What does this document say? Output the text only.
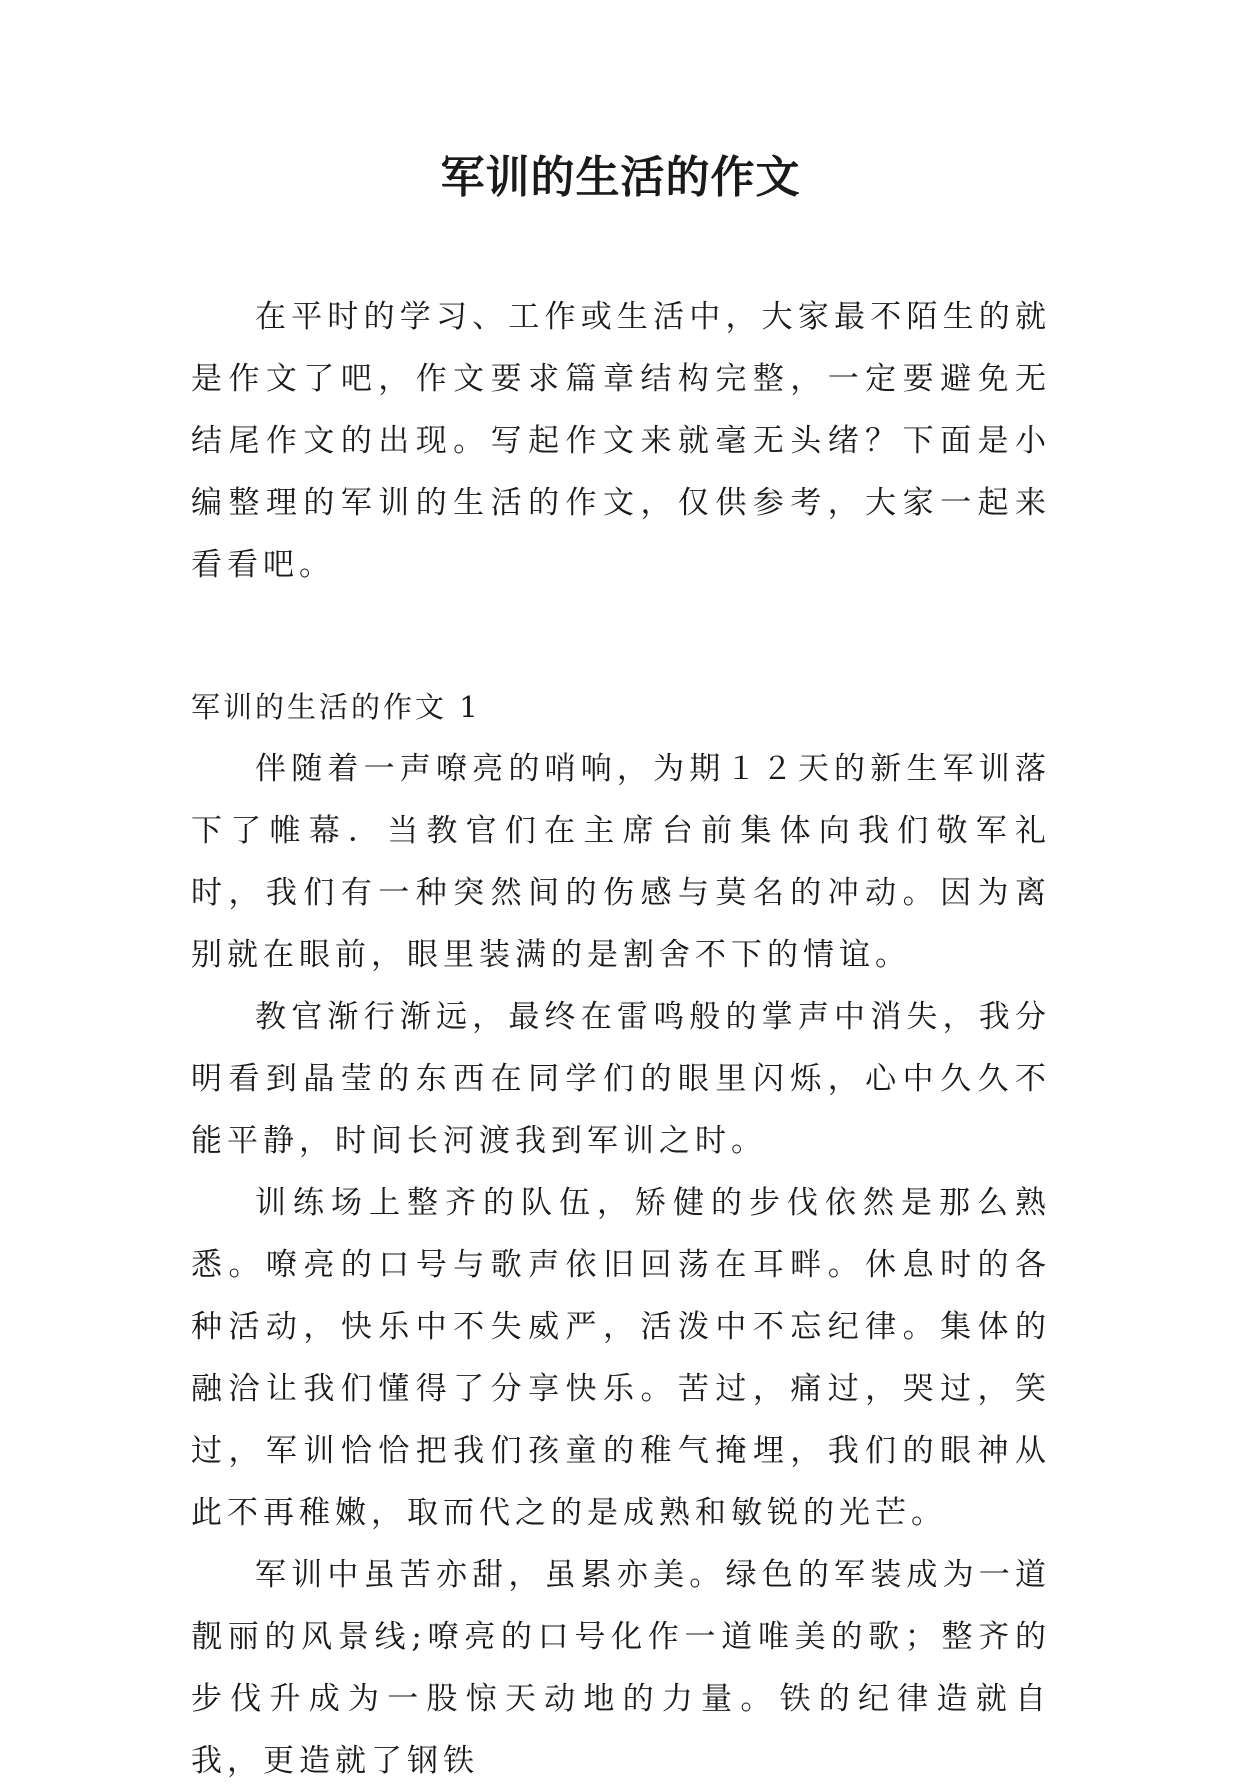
军训的生活的作文

在平时的学习、工作或生活中，大家最不陌生的就是作文了吧，作文要求篇章结构完整，一定要避免无结尾作文的出现。写起作文来就毫无头绪？下面是小编整理的军训的生活的作文，仅供参考，大家一起来看看吧。

军训的生活的作文 1

伴随着一声嘹亮的哨响，为期１２天的新生军训落下了帷幕．当教官们在主席台前集体向我们敬军礼时，我们有一种突然间的伤感与莫名的冲动。因为离别就在眼前，眼里装满的是割舍不下的情谊。

教官渐行渐远，最终在雷鸣般的掌声中消失，我分明看到晶莹的东西在同学们的眼里闪烁，心中久久不能平静，时间长河渡我到军训之时。

训练场上整齐的队伍，矫健的步伐依然是那么熟悉。嘹亮的口号与歌声依旧回荡在耳畔。休息时的各种活动，快乐中不失威严，活泼中不忘纪律。集体的融洽让我们懂得了分享快乐。苦过，痛过，哭过，笑过，军训恰恰把我们孩童的稚气掩埋，我们的眼神从此不再稚嫩，取而代之的是成熟和敏锐的光芒。

军训中虽苦亦甜，虽累亦美。绿色的军装成为一道靓丽的风景线;嘹亮的口号化作一道唯美的歌；整齐的步伐升成为一股惊天动地的力量。铁的纪律造就自我，更造就了钢铁
